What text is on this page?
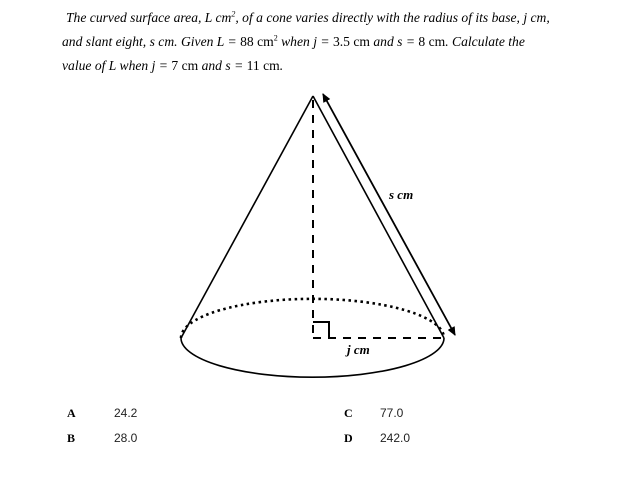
The curved surface area, L $cm^2$, of a cone varies directly with the radius of its base, j cm,
and slant eight, s cm. Given L = 88 $cm^2$ when j = 3.5 cm and s = 8 cm. Calculate the
value of L when j = 7 cm and s = 11 cm.
s cm
j cm
A	24.2
B	28.0
C 77.0
D 242.0
